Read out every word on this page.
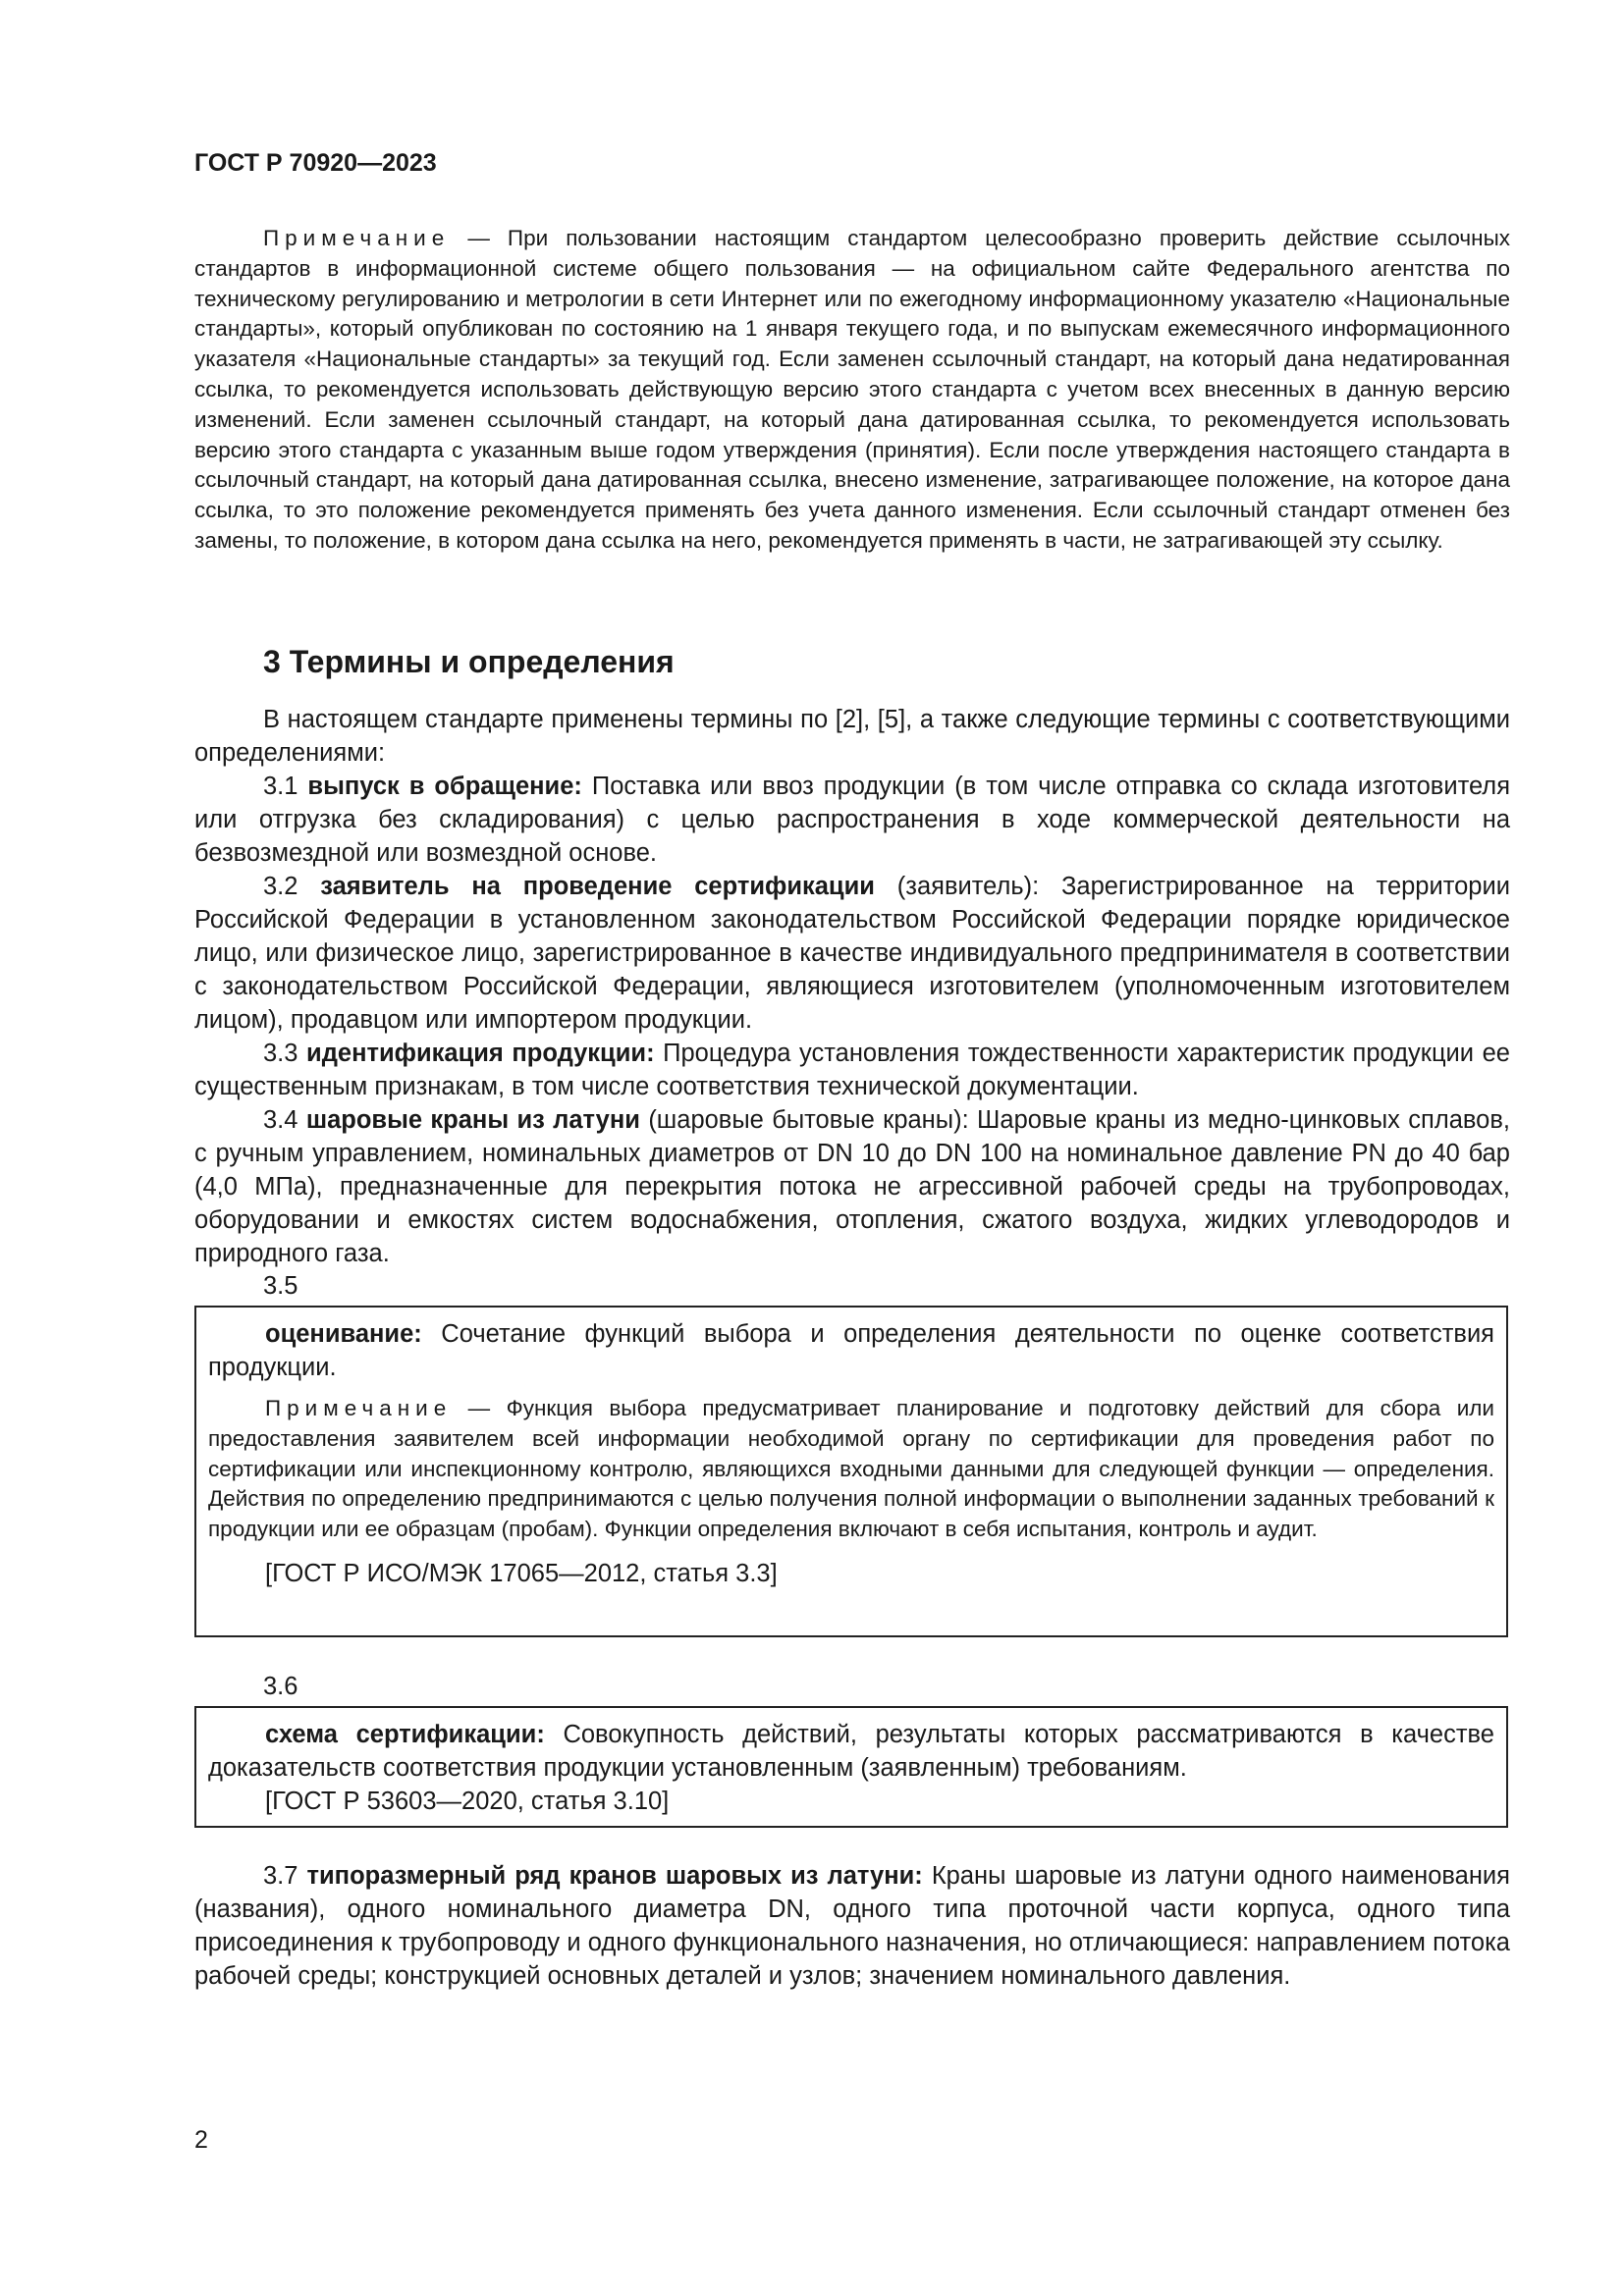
ГОСТ Р 70920—2023
Примечание — При пользовании настоящим стандартом целесообразно проверить действие ссылочных стандартов в информационной системе общего пользования — на официальном сайте Федерального агентства по техническому регулированию и метрологии в сети Интернет или по ежегодному информационному указателю «Национальные стандарты», который опубликован по состоянию на 1 января текущего года, и по выпускам ежемесячного информационного указателя «Национальные стандарты» за текущий год. Если заменен ссылочный стандарт, на который дана недатированная ссылка, то рекомендуется использовать действующую версию этого стандарта с учетом всех внесенных в данную версию изменений. Если заменен ссылочный стандарт, на который дана датированная ссылка, то рекомендуется использовать версию этого стандарта с указанным выше годом утверждения (принятия). Если после утверждения настоящего стандарта в ссылочный стандарт, на который дана датированная ссылка, внесено изменение, затрагивающее положение, на которое дана ссылка, то это положение рекомендуется применять без учета данного изменения. Если ссылочный стандарт отменен без замены, то положение, в котором дана ссылка на него, рекомендуется применять в части, не затрагивающей эту ссылку.
3 Термины и определения

В настоящем стандарте применены термины по [2], [5], а также следующие термины с соответствующими определениями:

3.1 выпуск в обращение: Поставка или ввоз продукции (в том числе отправка со склада изготовителя или отгрузка без складирования) с целью распространения в ходе коммерческой деятельности на безвозмездной или возмездной основе.

3.2 заявитель на проведение сертификации (заявитель): Зарегистрированное на территории Российской Федерации в установленном законодательством Российской Федерации порядке юридическое лицо, или физическое лицо, зарегистрированное в качестве индивидуального предпринимателя в соответствии с законодательством Российской Федерации, являющиеся изготовителем (уполномоченным изготовителем лицом), продавцом или импортером продукции.

3.3 идентификация продукции: Процедура установления тождественности характеристик продукции ее существенным признакам, в том числе соответствия технической документации.

3.4 шаровые краны из латуни (шаровые бытовые краны): Шаровые краны из медно-цинковых сплавов, с ручным управлением, номинальных диаметров от DN 10 до DN 100 на номинальное давление PN до 40 бар (4,0 МПа), предназначенные для перекрытия потока не агрессивной рабочей среды на трубопроводах, оборудовании и емкостях систем водоснабжения, отопления, сжатого воздуха, жидких углеводородов и природного газа.

3.5

оценивание: Сочетание функций выбора и определения деятельности по оценке соответствия продукции.

Примечание — Функция выбора предусматривает планирование и подготовку действий для сбора или предоставления заявителем всей информации необходимой органу по сертификации для проведения работ по сертификации или инспекционному контролю, являющихся входными данными для следующей функции — определения. Действия по определению предпринимаются с целью получения полной информации о выполнении заданных требований к продукции или ее образцам (пробам). Функции определения включают в себя испытания, контроль и аудит.

[ГОСТ Р ИСО/МЭК 17065—2012, статья 3.3]

3.6

схема сертификации: Совокупность действий, результаты которых рассматриваются в качестве доказательств соответствия продукции установленным (заявленным) требованиям.

[ГОСТ Р 53603—2020, статья 3.10]

3.7 типоразмерный ряд кранов шаровых из латуни: Краны шаровые из латуни одного наименования (названия), одного номинального диаметра DN, одного типа проточной части корпуса, одного типа присоединения к трубопроводу и одного функционального назначения, но отличающиеся: направлением потока рабочей среды; конструкцией основных деталей и узлов; значением номинального давления.

2
